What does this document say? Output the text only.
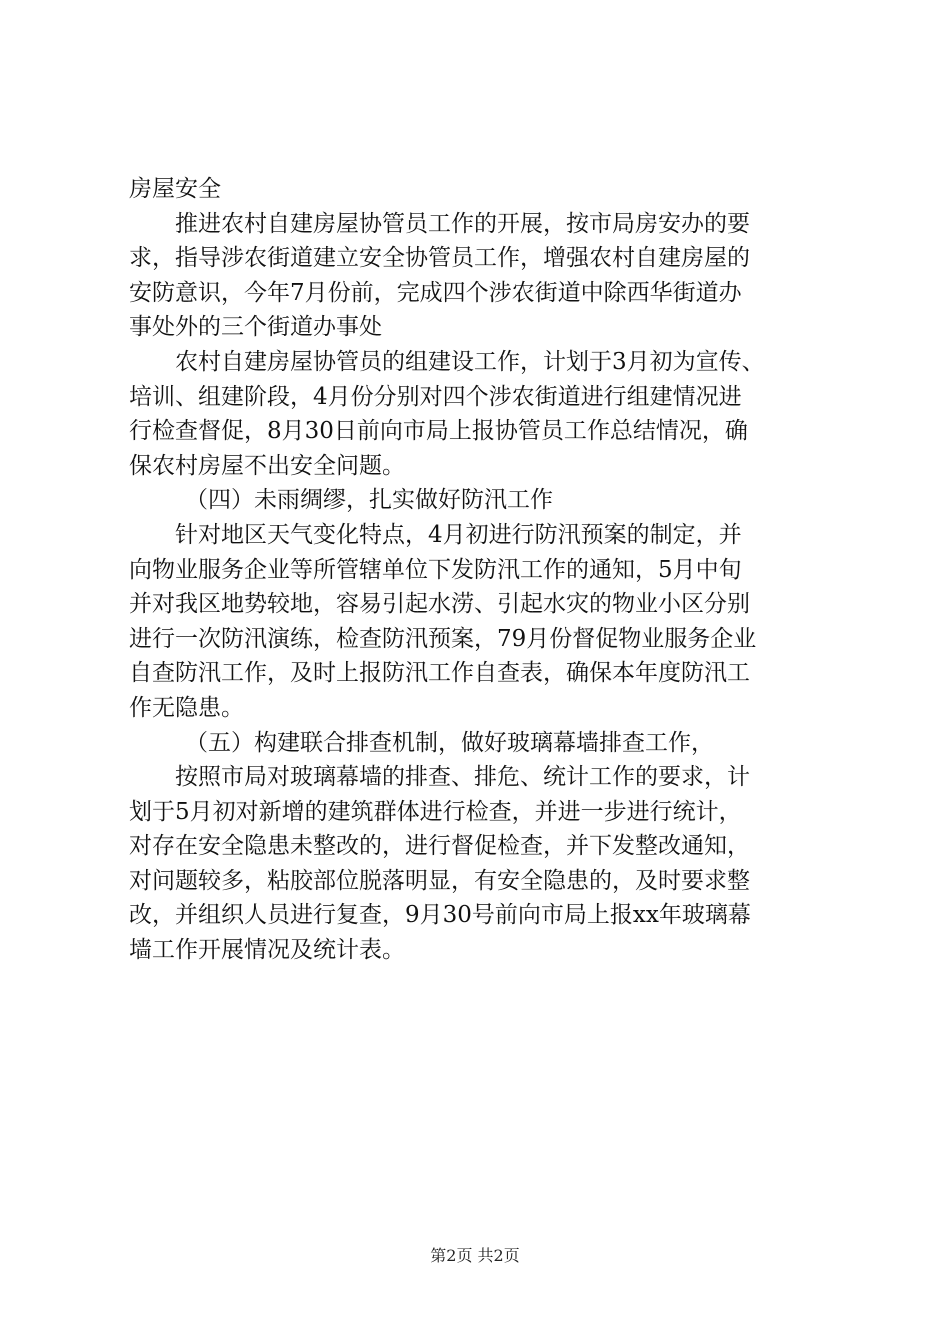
房屋安全
推进农村自建房屋协管员工作的开展，按市局房安办的要
求，指导涉农街道建立安全协管员工作，增强农村自建房屋的
安防意识，今年7月份前，完成四个涉农街道中除西华街道办
事处外的三个街道办事处
农村自建房屋协管员的组建设工作，计划于3月初为宣传、
培训、组建阶段，4月份分别对四个涉农街道进行组建情况进
行检查督促，8月30日前向市局上报协管员工作总结情况，确
保农村房屋不出安全问题。
（四）未雨绸缪，扎实做好防汛工作
针对地区天气变化特点，4月初进行防汛预案的制定，并
向物业服务企业等所管辖单位下发防汛工作的通知，5月中旬
并对我区地势较地，容易引起水涝、引起水灾的物业小区分别
进行一次防汛演练，检查防汛预案，79月份督促物业服务企业
自查防汛工作，及时上报防汛工作自查表，确保本年度防汛工
作无隐患。
（五）构建联合排查机制，做好玻璃幕墙排查工作，
按照市局对玻璃幕墙的排查、排危、统计工作的要求，计
划于5月初对新增的建筑群体进行检查，并进一步进行统计，
对存在安全隐患未整改的，进行督促检查，并下发整改通知，
对问题较多，粘胶部位脱落明显，有安全隐患的，及时要求整
改，并组织人员进行复查，9月30号前向市局上报xx年玻璃幕
墙工作开展情况及统计表。
第2页 共2页
